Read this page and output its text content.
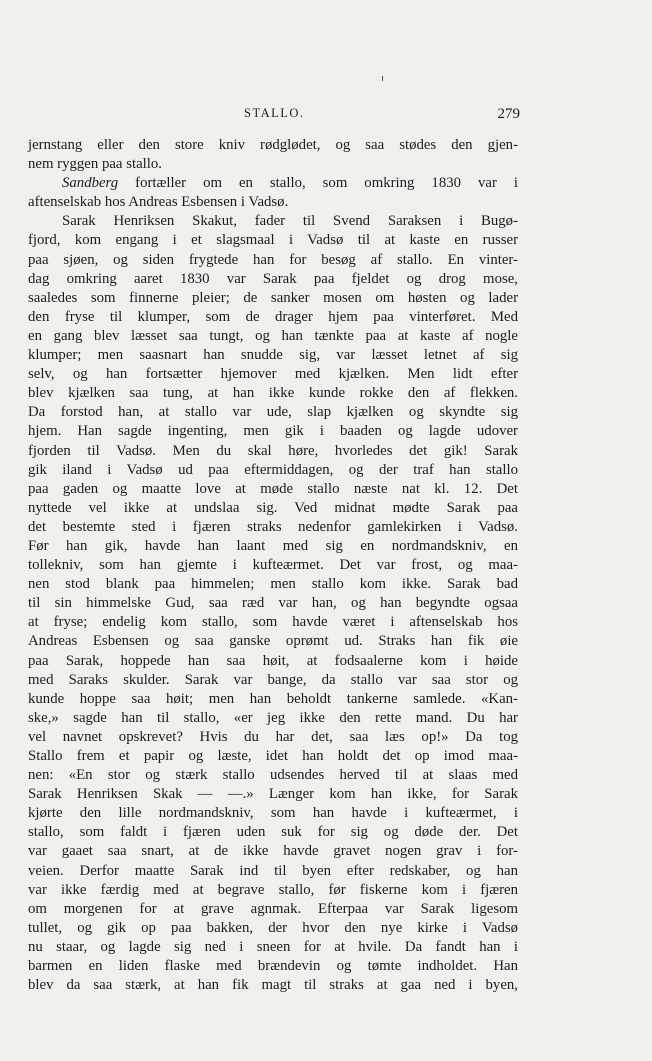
STALLO.	279
jernstang eller den store kniv rødglødet, og saa stødes den gjen-
nem ryggen paa stallo.
Sandberg fortæller om en stallo, som omkring 1830 var i
aftenselskab hos Andreas Esbensen i Vadsø.
Sarak Henriksen Skakut, fader til Svend Saraksen i Bugø-
fjord, kom engang i et slagsmaal i Vadsø til at kaste en russer
paa sjøen, og siden frygtede han for besøg af stallo. En vinter-
dag omkring aaret 1830 var Sarak paa fjeldet og drog mose,
saaledes som finnerne pleier; de sanker mosen om høsten og lader
den fryse til klumper, som de drager hjem paa vinterføret. Med
en gang blev læsset saa tungt, og han tænkte paa at kaste af nogle
klumper; men saasnart han snudde sig, var læsset letnet af sig
selv, og han fortsætter hjemover med kjælken. Men lidt efter
blev kjælken saa tung, at han ikke kunde rokke den af flekken.
Da forstod han, at stallo var ude, slap kjælken og skyndte sig
hjem. Han sagde ingenting, men gik i baaden og lagde udover
fjorden til Vadsø. Men du skal høre, hvorledes det gik! Sarak
gik iland i Vadsø ud paa eftermiddagen, og der traf han stallo
paa gaden og maatte love at møde stallo næste nat kl. 12. Det
nyttede vel ikke at undslaa sig. Ved midnat mødte Sarak paa
det bestemte sted i fjæren straks nedenfor gamlekirken i Vadsø.
Før han gik, havde han laant med sig en nordmandskniv, en
tollekniv, som han gjemte i kufteærmet. Det var frost, og maa-
nen stod blank paa himmelen; men stallo kom ikke. Sarak bad
til sin himmelske Gud, saa ræd var han, og han begyndte ogsaa
at fryse; endelig kom stallo, som havde været i aftenselskab hos
Andreas Esbensen og saa ganske oprømt ud. Straks han fik øie
paa Sarak, hoppede han saa høit, at fodsaalerne kom i høide
med Saraks skulder. Sarak var bange, da stallo var saa stor og
kunde hoppe saa høit; men han beholdt tankerne samlede. «Kan-
ske,» sagde han til stallo, «er jeg ikke den rette mand. Du har
vel navnet opskrevet? Hvis du har det, saa læs op!» Da tog
Stallo frem et papir og læste, idet han holdt det op imod maa-
nen: «En stor og stærk stallo udsendes herved til at slaas med
Sarak Henriksen Skak — —.» Længer kom han ikke, for Sarak
kjørte den lille nordmandskniv, som han havde i kufteærmet, i
stallo, som faldt i fjæren uden suk for sig og døde der. Det
var gaaet saa snart, at de ikke havde gravet nogen grav i for-
veien. Derfor maatte Sarak ind til byen efter redskaber, og han
var ikke færdig med at begrave stallo, før fiskerne kom i fjæren
om morgenen for at grave agnmak. Efterpaa var Sarak ligesom
tullet, og gik op paa bakken, der hvor den nye kirke i Vadsø
nu staar, og lagde sig ned i sneen for at hvile. Da fandt han i
barmen en liden flaske med brændevin og tømte indholdet. Han
blev da saa stærk, at han fik magt til straks at gaa ned i byen,
